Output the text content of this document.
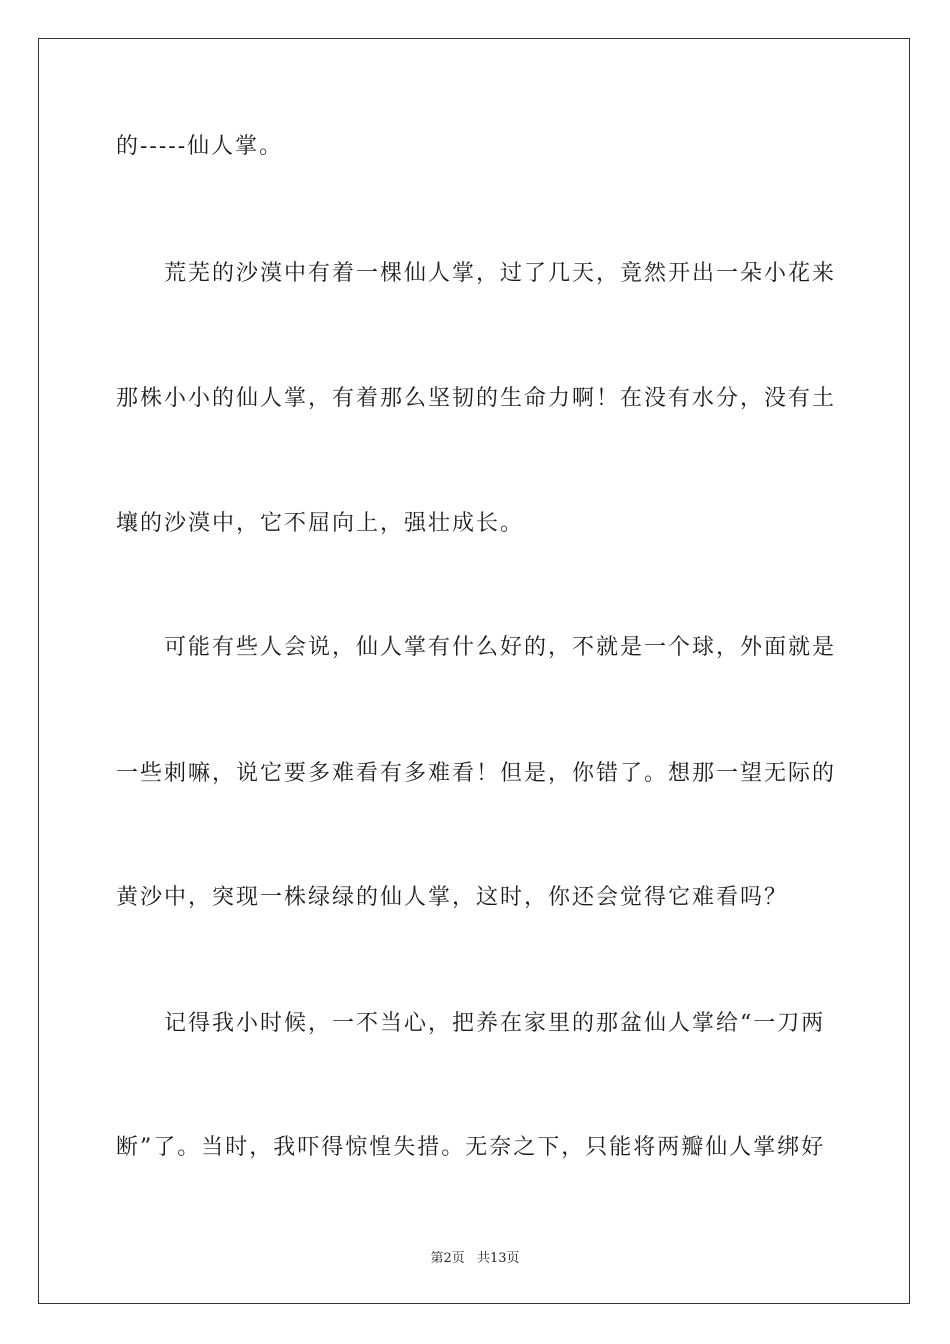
的-----仙人掌。
荒芜的沙漠中有着一棵仙人掌，过了几天，竟然开出一朵小花来
那株小小的仙人掌，有着那么坚韧的生命力啊！在没有水分，没有土
壤的沙漠中，它不屈向上，强壮成长。
可能有些人会说，仙人掌有什么好的，不就是一个球，外面就是
一些刺嘛，说它要多难看有多难看！但是，你错了。想那一望无际的
黄沙中，突现一株绿绿的仙人掌，这时，你还会觉得它难看吗？
记得我小时候，一不当心，把养在家里的那盆仙人掌给“一刀两
断”了。当时，我吓得惊惶失措。无奈之下，只能将两瓣仙人掌绑好
第2页 共13页
